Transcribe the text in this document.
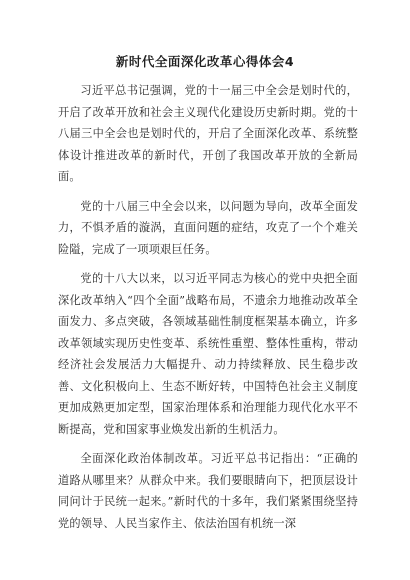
新时代全面深化改革心得体会4

习近平总书记强调，党的十一届三中全会是划时代的，开启了改革开放和社会主义现代化建设历史新时期。党的十八届三中全会也是划时代的，开启了全面深化改革、系统整体设计推进改革的新时代，开创了我国改革开放的全新局面。

党的十八届三中全会以来，以问题为导向，改革全面发力，不惧矛盾的漩涡，直面问题的症结，攻克了一个个难关险隘，完成了一项项艰巨任务。

党的十八大以来，以习近平同志为核心的党中央把全面深化改革纳入“四个全面”战略布局，不遗余力地推动改革全面发力、多点突破，各领域基础性制度框架基本确立，许多改革领域实现历史性变革、系统性重塑、整体性重构，带动经济社会发展活力大幅提升、动力持续释放、民生稳步改善、文化积极向上、生态不断好转，中国特色社会主义制度更加成熟更加定型，国家治理体系和治理能力现代化水平不断提高，党和国家事业焕发出新的生机活力。

全面深化政治体制改革。习近平总书记指出：“正确的道路从哪里来？从群众中来。我们要眼睛向下，把顶层设计同问计于民统一起来。”新时代的十多年，我们紧紧围绕坚持党的领导、人民当家作主、依法治国有机统一深
